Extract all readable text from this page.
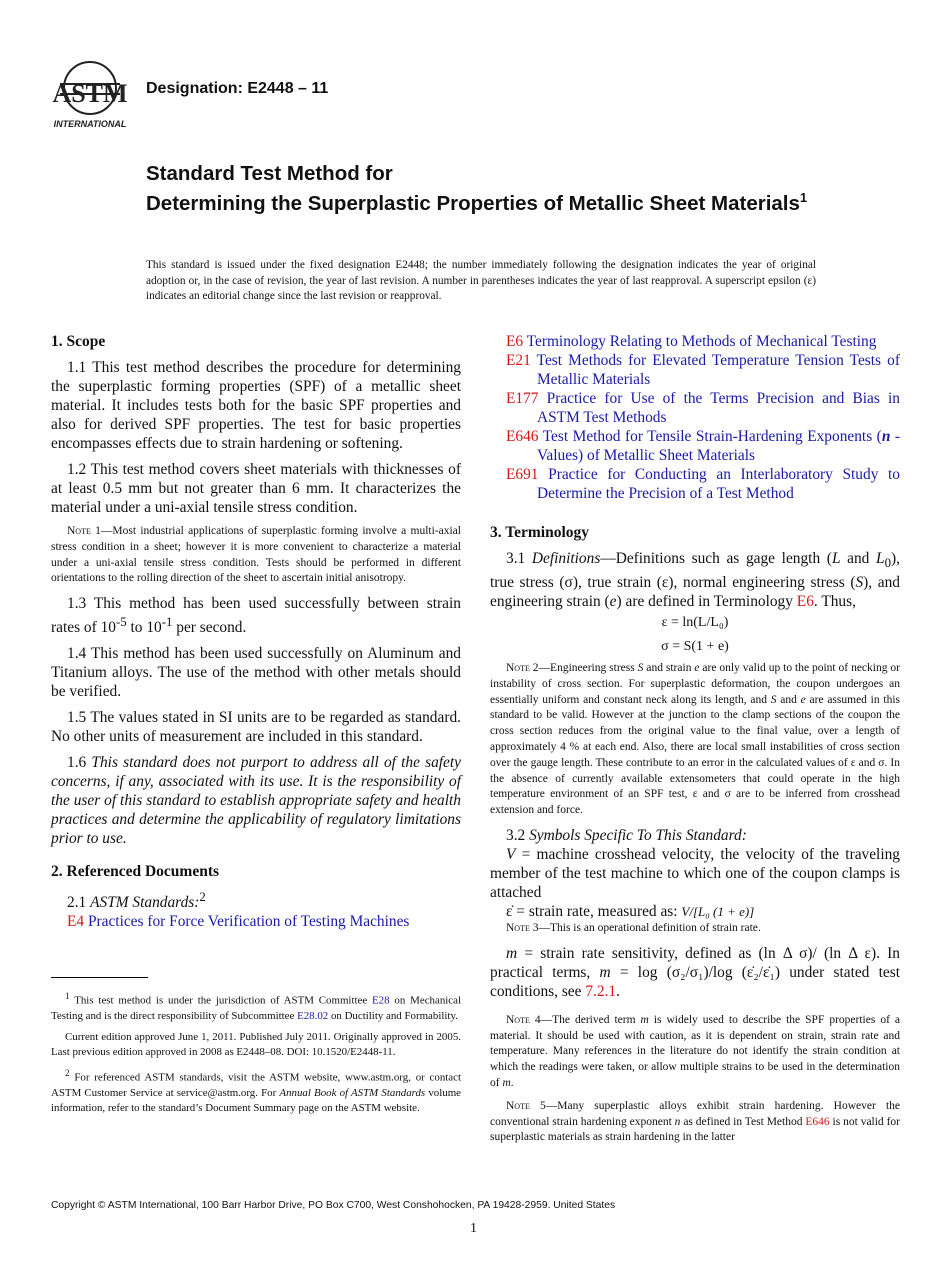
ASTM
INTERNATIONAL
Designation: E2448 – 11
Standard Test Method for
Determining the Superplastic Properties of Metallic Sheet Materials$^1$
This standard is issued under the fixed designation E2448; the number immediately following the designation indicates the year of original adoption or, in the case of revision, the year of last revision. A number in parentheses indicates the year of last reapproval. A superscript epsilon (ε) indicates an editorial change since the last revision or reapproval.
1. Scope

1.1 This test method describes the procedure for determining the superplastic forming properties (SPF) of a metallic sheet material. It includes tests both for the basic SPF properties and also for derived SPF properties. The test for basic properties encompasses effects due to strain hardening or softening.

1.2 This test method covers sheet materials with thicknesses of at least 0.5 mm but not greater than 6 mm. It characterizes the material under a uni-axial tensile stress condition.

Note 1—Most industrial applications of superplastic forming involve a multi-axial stress condition in a sheet; however it is more convenient to characterize a material under a uni-axial tensile stress condition. Tests should be performed in different orientations to the rolling direction of the sheet to ascertain initial anisotropy.

1.3 This method has been used successfully between strain rates of $10^{-5}$ to $10^{-1}$ per second.

1.4 This method has been used successfully on Aluminum and Titanium alloys. The use of the method with other metals should be verified.

1.5 The values stated in SI units are to be regarded as standard. No other units of measurement are included in this standard.

1.6 This standard does not purport to address all of the safety concerns, if any, associated with its use. It is the responsibility of the user of this standard to establish appropriate safety and health practices and determine the applicability of regulatory limitations prior to use.

2. Referenced Documents

2.1 ASTM Standards:$^2$

E4 Practices for Force Verification of Testing Machines

$^1$ This test method is under the jurisdiction of ASTM Committee E28 on Mechanical Testing and is the direct responsibility of Subcommittee E28.02 on Ductility and Formability.

Current edition approved June 1, 2011. Published July 2011. Originally approved in 2005. Last previous edition approved in 2008 as E2448–08. DOI: 10.1520/E2448-11.

$^2$ For referenced ASTM standards, visit the ASTM website, www.astm.org, or contact ASTM Customer Service at service@astm.org. For Annual Book of ASTM Standards volume information, refer to the standard’s Document Summary page on the ASTM website.

E6 Terminology Relating to Methods of Mechanical Testing

E21 Test Methods for Elevated Temperature Tension Tests of Metallic Materials

E177 Practice for Use of the Terms Precision and Bias in ASTM Test Methods

E646 Test Method for Tensile Strain-Hardening Exponents (n -Values) of Metallic Sheet Materials

E691 Practice for Conducting an Interlaboratory Study to Determine the Precision of a Test Method

3. Terminology

3.1 Definitions—Definitions such as gage length (L and $L_0$), true stress (σ), true strain (ε), normal engineering stress (S), and engineering strain (e) are defined in Terminology E6. Thus,

ε = ln(L/L₀)
σ = S(1 + e)

Note 2—Engineering stress S and strain e are only valid up to the point of necking or instability of cross section. For superplastic deformation, the coupon undergoes an essentially uniform and constant neck along its length, and S and e are assumed in this standard to be valid. However at the junction to the clamp sections of the coupon the cross section reduces from the original value to the final value, over a length of approximately 4 % at each end. Also, there are local small instabilities of cross section over the gauge length. These contribute to an error in the calculated values of ε and σ. In the absence of currently available extensometers that could operate in the high temperature environment of an SPF test, ε and σ are to be inferred from crosshead extension and force.

3.2 Symbols Specific To This Standard:

V = machine crosshead velocity, the velocity of the traveling member of the test machine to which one of the coupon clamps is attached

ε̇ = strain rate, measured as: V/[L₀ (1 + e)]

Note 3—This is an operational definition of strain rate.

m = strain rate sensitivity, defined as (ln Δ σ)/ (ln Δ ε). In practical terms, m = log (σ₂/σ₁)/log (ε̇₂/ε̇₁) under stated test conditions, see 7.2.1.

Note 4—The derived term m is widely used to describe the SPF properties of a material. It should be used with caution, as it is dependent on strain, strain rate and temperature. Many references in the literature do not identify the strain condition at which the readings were taken, or allow multiple strains to be used in the determination of m.

Note 5—Many superplastic alloys exhibit strain hardening. However the conventional strain hardening exponent n as defined in Test Method E646 is not valid for superplastic materials as strain hardening in the latter

Copyright © ASTM International, 100 Barr Harbor Drive, PO Box C700, West Conshohocken, PA 19428-2959. United States
1
